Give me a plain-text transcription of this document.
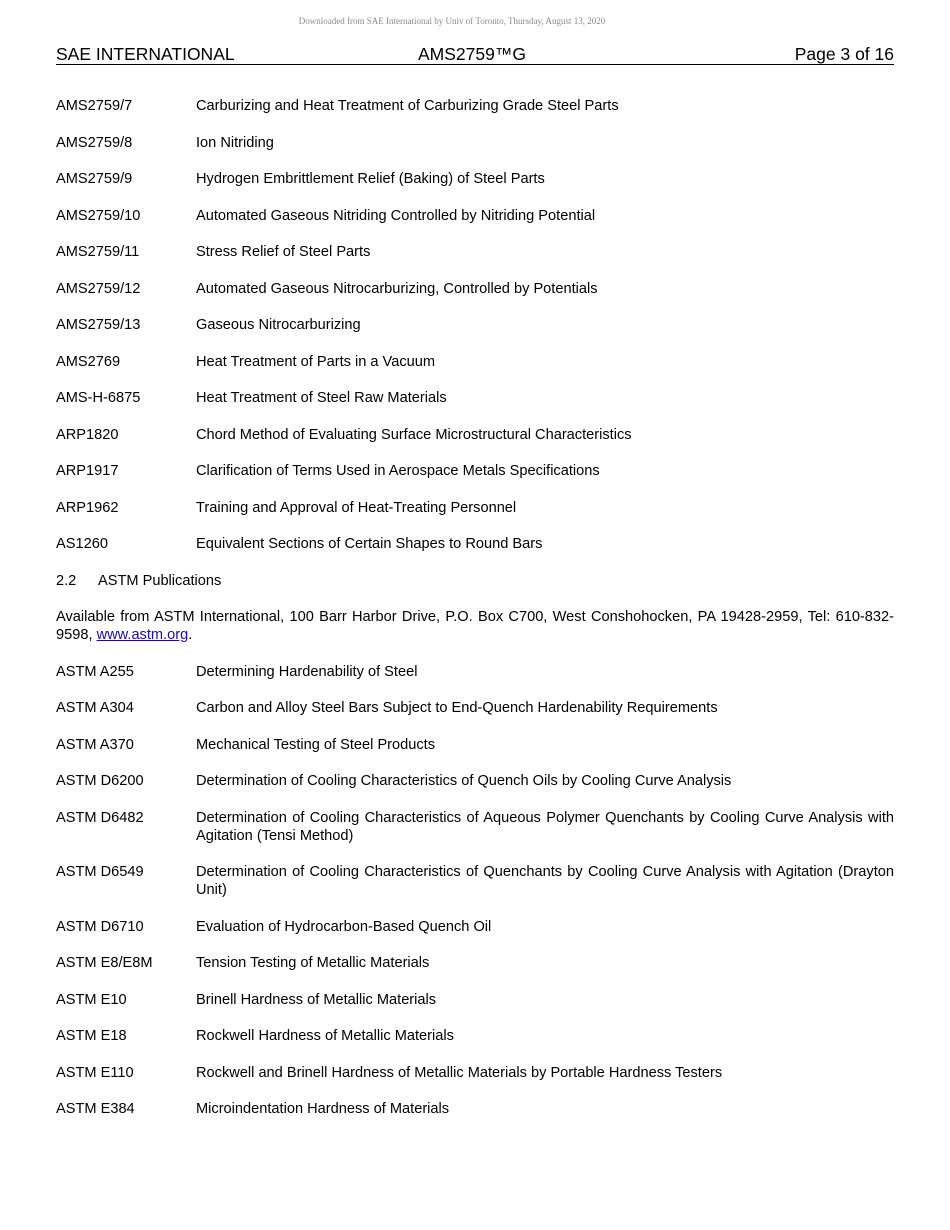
Downloaded from SAE International by Univ of Toronto, Thursday, August 13, 2020
SAE INTERNATIONAL	AMS2759™G	Page 3 of 16
AMS2759/7	Carburizing and Heat Treatment of Carburizing Grade Steel Parts
AMS2759/8	Ion Nitriding
AMS2759/9	Hydrogen Embrittlement Relief (Baking) of Steel Parts
AMS2759/10	Automated Gaseous Nitriding Controlled by Nitriding Potential
AMS2759/11	Stress Relief of Steel Parts
AMS2759/12	Automated Gaseous Nitrocarburizing, Controlled by Potentials
AMS2759/13	Gaseous Nitrocarburizing
AMS2769	Heat Treatment of Parts in a Vacuum
AMS-H-6875	Heat Treatment of Steel Raw Materials
ARP1820	Chord Method of Evaluating Surface Microstructural Characteristics
ARP1917	Clarification of Terms Used in Aerospace Metals Specifications
ARP1962	Training and Approval of Heat-Treating Personnel
AS1260	Equivalent Sections of Certain Shapes to Round Bars
2.2 ASTM Publications
Available from ASTM International, 100 Barr Harbor Drive, P.O. Box C700, West Conshohocken, PA 19428-2959, Tel: 610-832-9598, www.astm.org.
ASTM A255	Determining Hardenability of Steel
ASTM A304	Carbon and Alloy Steel Bars Subject to End-Quench Hardenability Requirements
ASTM A370	Mechanical Testing of Steel Products
ASTM D6200	Determination of Cooling Characteristics of Quench Oils by Cooling Curve Analysis
ASTM D6482	Determination of Cooling Characteristics of Aqueous Polymer Quenchants by Cooling Curve Analysis with Agitation (Tensi Method)
ASTM D6549	Determination of Cooling Characteristics of Quenchants by Cooling Curve Analysis with Agitation (Drayton Unit)
ASTM D6710	Evaluation of Hydrocarbon-Based Quench Oil
ASTM E8/E8M	Tension Testing of Metallic Materials
ASTM E10	Brinell Hardness of Metallic Materials
ASTM E18	Rockwell Hardness of Metallic Materials
ASTM E110	Rockwell and Brinell Hardness of Metallic Materials by Portable Hardness Testers
ASTM E384	Microindentation Hardness of Materials
